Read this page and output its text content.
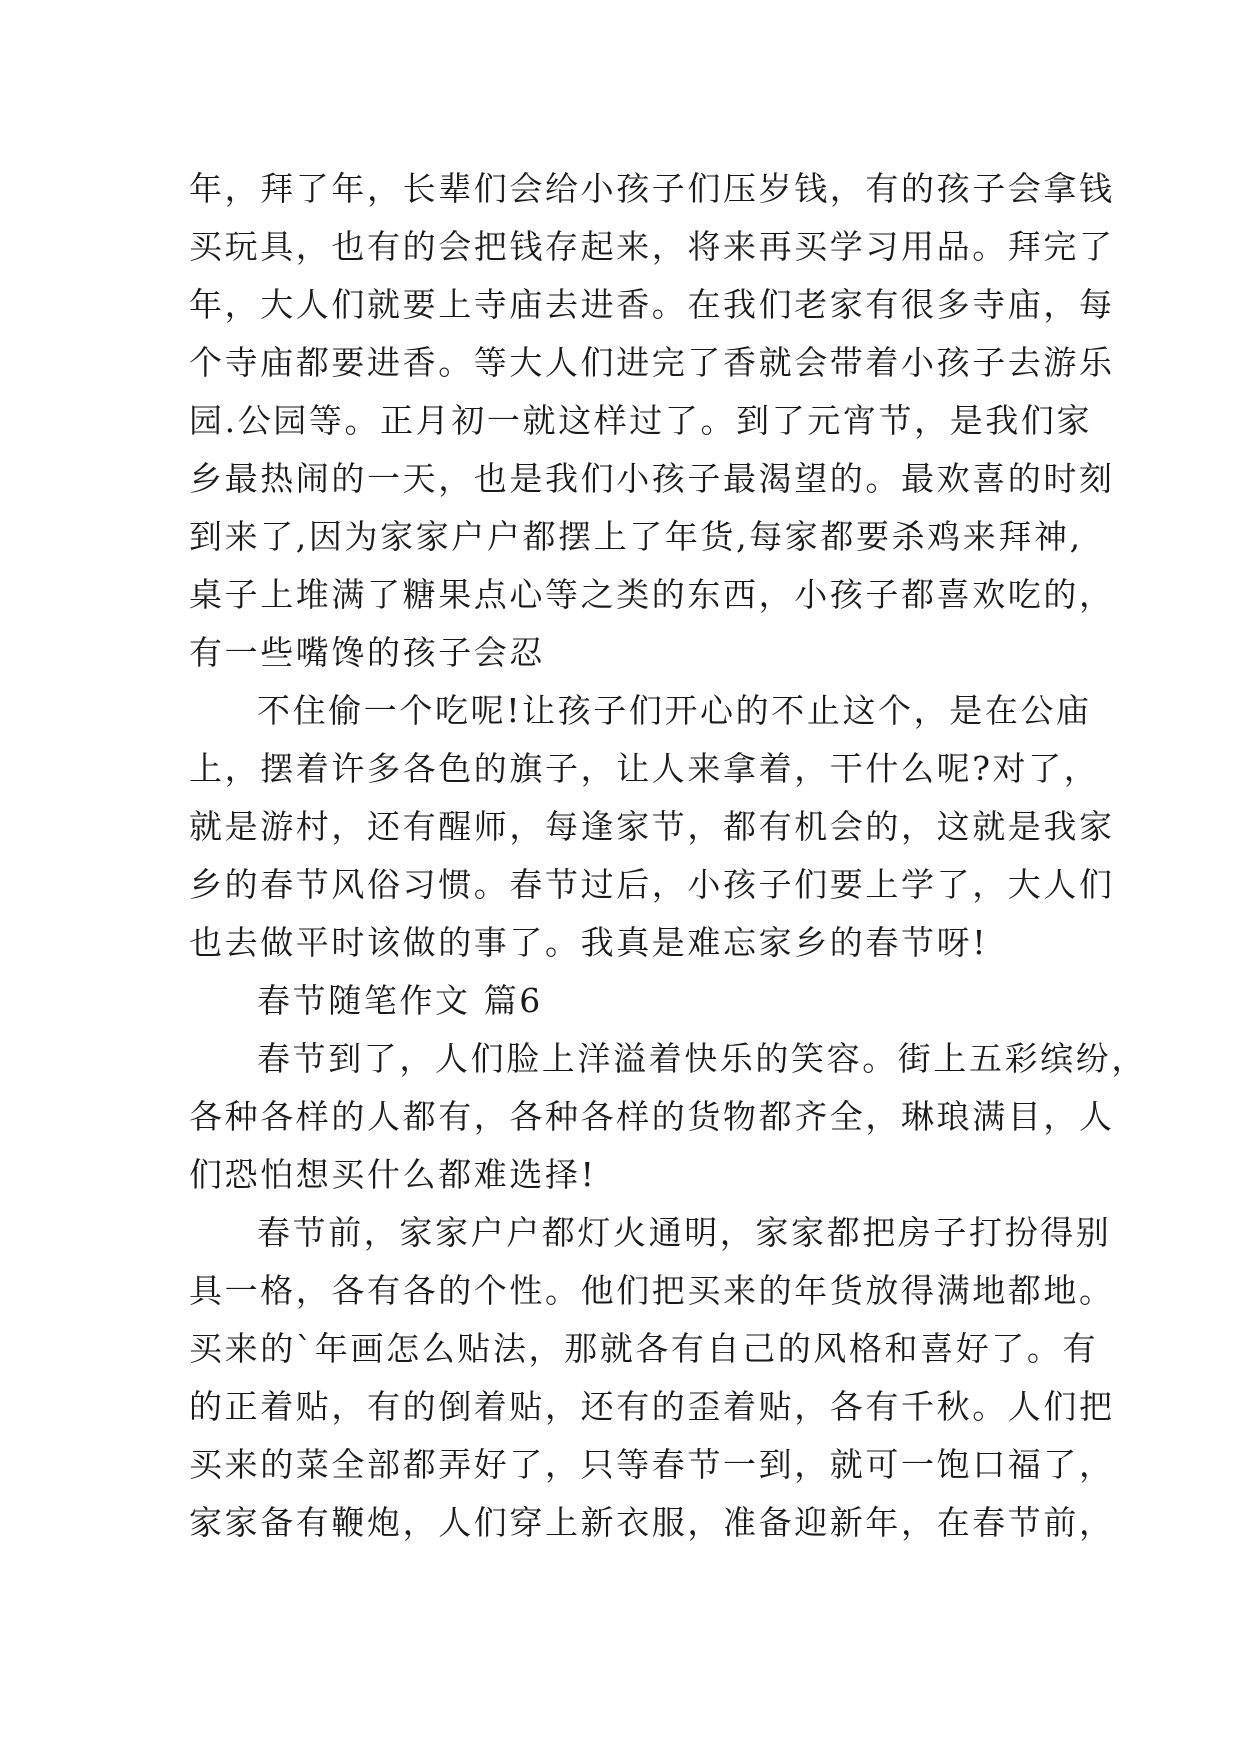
年，拜了年，长辈们会给小孩子们压岁钱，有的孩子会拿钱
买玩具，也有的会把钱存起来，将来再买学习用品。拜完了
年，大人们就要上寺庙去进香。在我们老家有很多寺庙，每
个寺庙都要进香。等大人们进完了香就会带着小孩子去游乐
园.公园等。正月初一就这样过了。到了元宵节，是我们家
乡最热闹的一天，也是我们小孩子最渴望的。最欢喜的时刻
到来了,因为家家户户都摆上了年货,每家都要杀鸡来拜神,
桌子上堆满了糖果点心等之类的东西，小孩子都喜欢吃的，
有一些嘴馋的孩子会忍
不住偷一个吃呢!让孩子们开心的不止这个，是在公庙
上，摆着许多各色的旗子，让人来拿着，干什么呢?对了，
就是游村，还有醒师，每逢家节，都有机会的，这就是我家
乡的春节风俗习惯。春节过后，小孩子们要上学了，大人们
也去做平时该做的事了。我真是难忘家乡的春节呀!
春节随笔作文 篇6
春节到了，人们脸上洋溢着快乐的笑容。街上五彩缤纷，
各种各样的人都有，各种各样的货物都齐全，琳琅满目，人
们恐怕想买什么都难选择!
春节前，家家户户都灯火通明，家家都把房子打扮得别
具一格，各有各的个性。他们把买来的年货放得满地都地。
买来的`年画怎么贴法，那就各有自己的风格和喜好了。有
的正着贴，有的倒着贴，还有的歪着贴，各有千秋。人们把
买来的菜全部都弄好了，只等春节一到，就可一饱口福了，
家家备有鞭炮，人们穿上新衣服，准备迎新年，在春节前，
